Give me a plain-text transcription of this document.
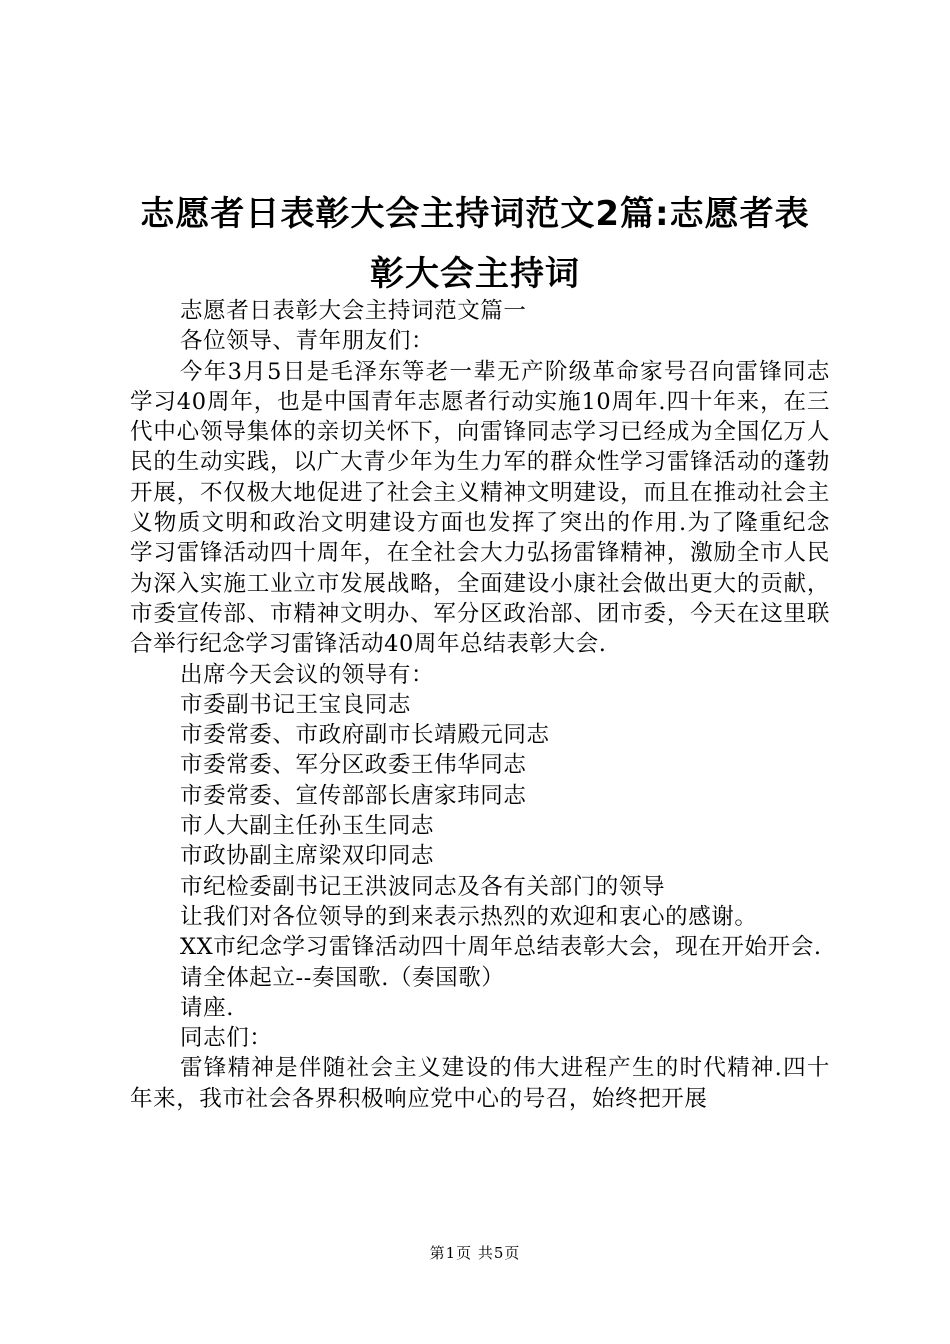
志愿者日表彰大会主持词范文2篇:志愿者表
彰大会主持词

志愿者日表彰大会主持词范文篇一

各位领导、青年朋友们：

今年3月5日是毛泽东等老一辈无产阶级革命家号召向雷锋同志学习40周年，也是中国青年志愿者行动实施10周年.四十年来，在三代中心领导集体的亲切关怀下，向雷锋同志学习已经成为全国亿万人民的生动实践，以广大青少年为生力军的群众性学习雷锋活动的蓬勃开展，不仅极大地促进了社会主义精神文明建设，而且在推动社会主义物质文明和政治文明建设方面也发挥了突出的作用.为了隆重纪念学习雷锋活动四十周年，在全社会大力弘扬雷锋精神，激励全市人民为深入实施工业立市发展战略，全面建设小康社会做出更大的贡献，市委宣传部、市精神文明办、军分区政治部、团市委，今天在这里联合举行纪念学习雷锋活动40周年总结表彰大会.

出席今天会议的领导有：

市委副书记王宝良同志

市委常委、市政府副市长靖殿元同志

市委常委、军分区政委王伟华同志

市委常委、宣传部部长唐家玮同志

市人大副主任孙玉生同志

市政协副主席梁双印同志

市纪检委副书记王洪波同志及各有关部门的领导

让我们对各位领导的到来表示热烈的欢迎和衷心的感谢。

XX市纪念学习雷锋活动四十周年总结表彰大会，现在开始开会.

请全体起立--奏国歌.（奏国歌）

请座.

同志们：

雷锋精神是伴随社会主义建设的伟大进程产生的时代精神.四十年来，我市社会各界积极响应党中心的号召，始终把开展

第1页 共5页
